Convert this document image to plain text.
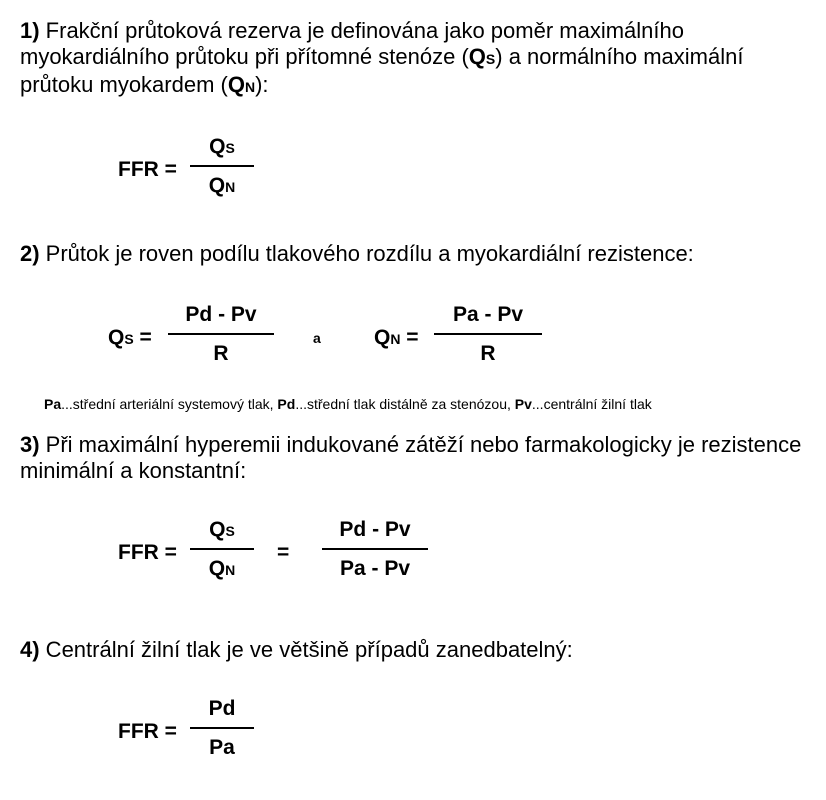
1) Frakční průtoková rezerva je definována jako poměr maximálního myokardiálního průtoku při přítomné stenóze (QS) a normálního maximální průtoku myokardem (QN):

FFR =
QS
QN

2) Průtok je roven podílu tlakového rozdílu a myokardiální rezistence:

QS =
Pd - Pv
R
a	QN =
Pa - Pv
R
Pa...střední arteriální systemový tlak, Pd...střední tlak distálně za stenózou, Pv...centrální žilní tlak

3) Při maximální hyperemii indukované zátěží nebo farmakologicky je rezistence minimální a konstantní:

FFR =
QS
QN
=
Pd - Pv
Pa - Pv

4) Centrální žilní tlak je ve většině případů zanedbatelný:

FFR =
Pd
Pa
